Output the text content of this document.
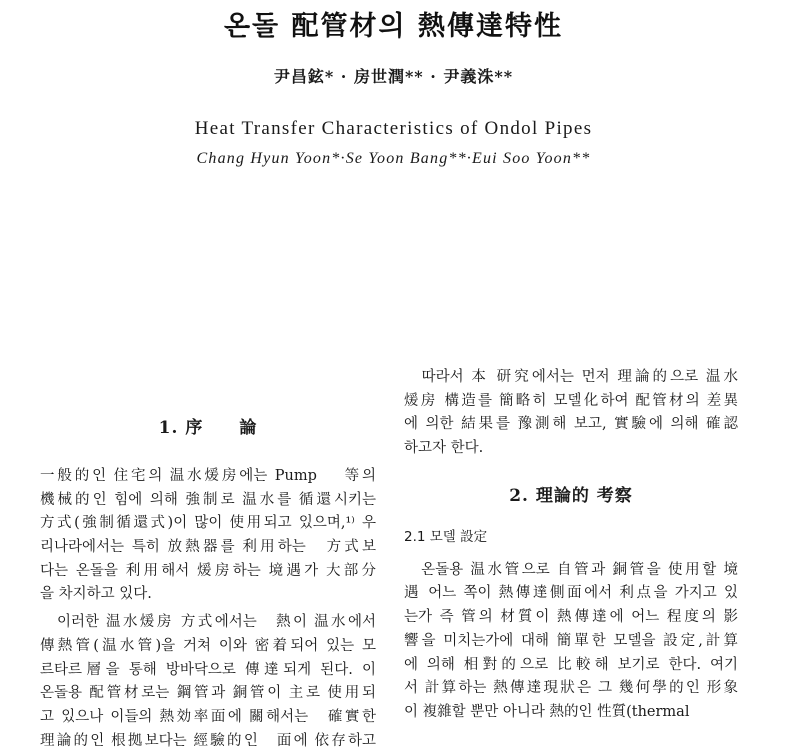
온돌 配管材의 熱傳達特性
尹昌鉉* · 房世潤** · 尹義洙**
Heat Transfer Characteristics of Ondol Pipes
Chang Hyun Yoon*·Se Yoon Bang**·Eui Soo Yoon**
1. 序　　論
一般的인 住宅의 温水煖房에는 Pump　 等의
機械的인 힘에 의해 強制로 温水를 循還시키는
方式(強制循還式)이 많이 使用되고 있으며,¹⁾ 우
리나라에서는 특히 放熱器를 利用하는　方式보
다는 온돌을 利用해서 煖房하는 境遇가 大部分
을 차지하고 있다.
　이러한 温水煖房 方式에서는　熱이 温水에서
傳熱管(温水管)을 거쳐 이와 密着되어 있는 모
르타르層을 통해 방바닥으로 傳達되게 된다. 이
온돌용 配管材로는 鋼管과 銅管이 主로 使用되
고 있으나 이들의 熱効率面에 關해서는　確實한
理論的인 根拠보다는 經驗的인　面에 依存하고
　따라서 本 研究에서는 먼저 理論的으로 温水
煖房 構造를 簡略히 모델化하여 配管材의 差異
에 의한 結果를 豫測해 보고, 實驗에 의해 確認
하고자 한다.
2. 理論的 考察
2.1 모델 設定
　온돌용 温水管으로 自管과 銅管을 使用할 境
遇 어느 쪽이 熱傳達側面에서 利点을 가지고 있
는가 즉 管의 材質이 熱傳達에 어느 程度의 影
響을 미치는가에 대해 簡單한 모델을 設定,計算
에 의해 相對的으로 比較해 보기로 한다. 여기
서 計算하는 熱傳達現狀은 그 幾何學的인 形象
이 複雜할 뿐만 아니라 熱的인 性質(thermal
